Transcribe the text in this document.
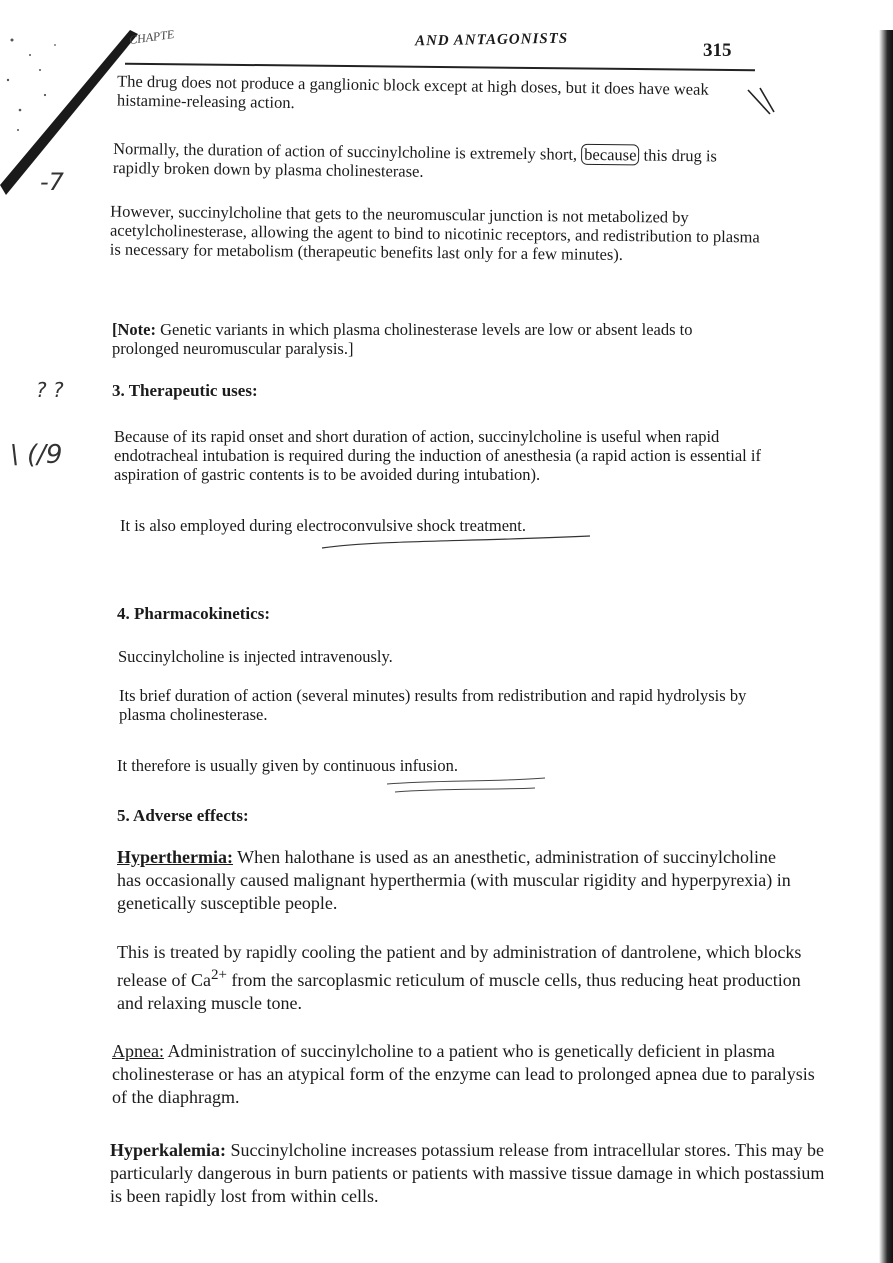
CHAPTE	AND ANTAGONISTS	315

The drug does not produce a ganglionic block except at high doses, but it does have weak histamine-releasing action.

Normally, the duration of action of succinylcholine is extremely short, because this drug is rapidly broken down by plasma cholinesterase.

However, succinylcholine that gets to the neuromuscular junction is not metabolized by acetylcholinesterase, allowing the agent to bind to nicotinic receptors, and redistribution to plasma is necessary for metabolism (therapeutic benefits last only for a few minutes).

[Note: Genetic variants in which plasma cholinesterase levels are low or absent leads to prolonged neuromuscular paralysis.]

3. Therapeutic uses:

Because of its rapid onset and short duration of action, succinylcholine is useful when rapid endotracheal intubation is required during the induction of anesthesia (a rapid action is essential if aspiration of gastric contents is to be avoided during intubation).

It is also employed during electroconvulsive shock treatment.

4. Pharmacokinetics:

Succinylcholine is injected intravenously.

Its brief duration of action (several minutes) results from redistribution and rapid hydrolysis by plasma cholinesterase.

It therefore is usually given by continuous infusion.

5. Adverse effects:

Hyperthermia: When halothane is used as an anesthetic, administration of succinylcholine has occasionally caused malignant hyperthermia (with muscular rigidity and hyperpyrexia) in genetically susceptible people.

This is treated by rapidly cooling the patient and by administration of dantrolene, which blocks release of $Ca^{2+}$ from the sarcoplasmic reticulum of muscle cells, thus reducing heat production and relaxing muscle tone.

Apnea: Administration of succinylcholine to a patient who is genetically deficient in plasma cholinesterase or has an atypical form of the enzyme can lead to prolonged apnea due to paralysis of the diaphragm.

Hyperkalemia: Succinylcholine increases potassium release from intracellular stores. This may be particularly dangerous in burn patients or patients with massive tissue damage in which postassium is been rapidly lost from within cells.

-7
? ?
\ (/9
